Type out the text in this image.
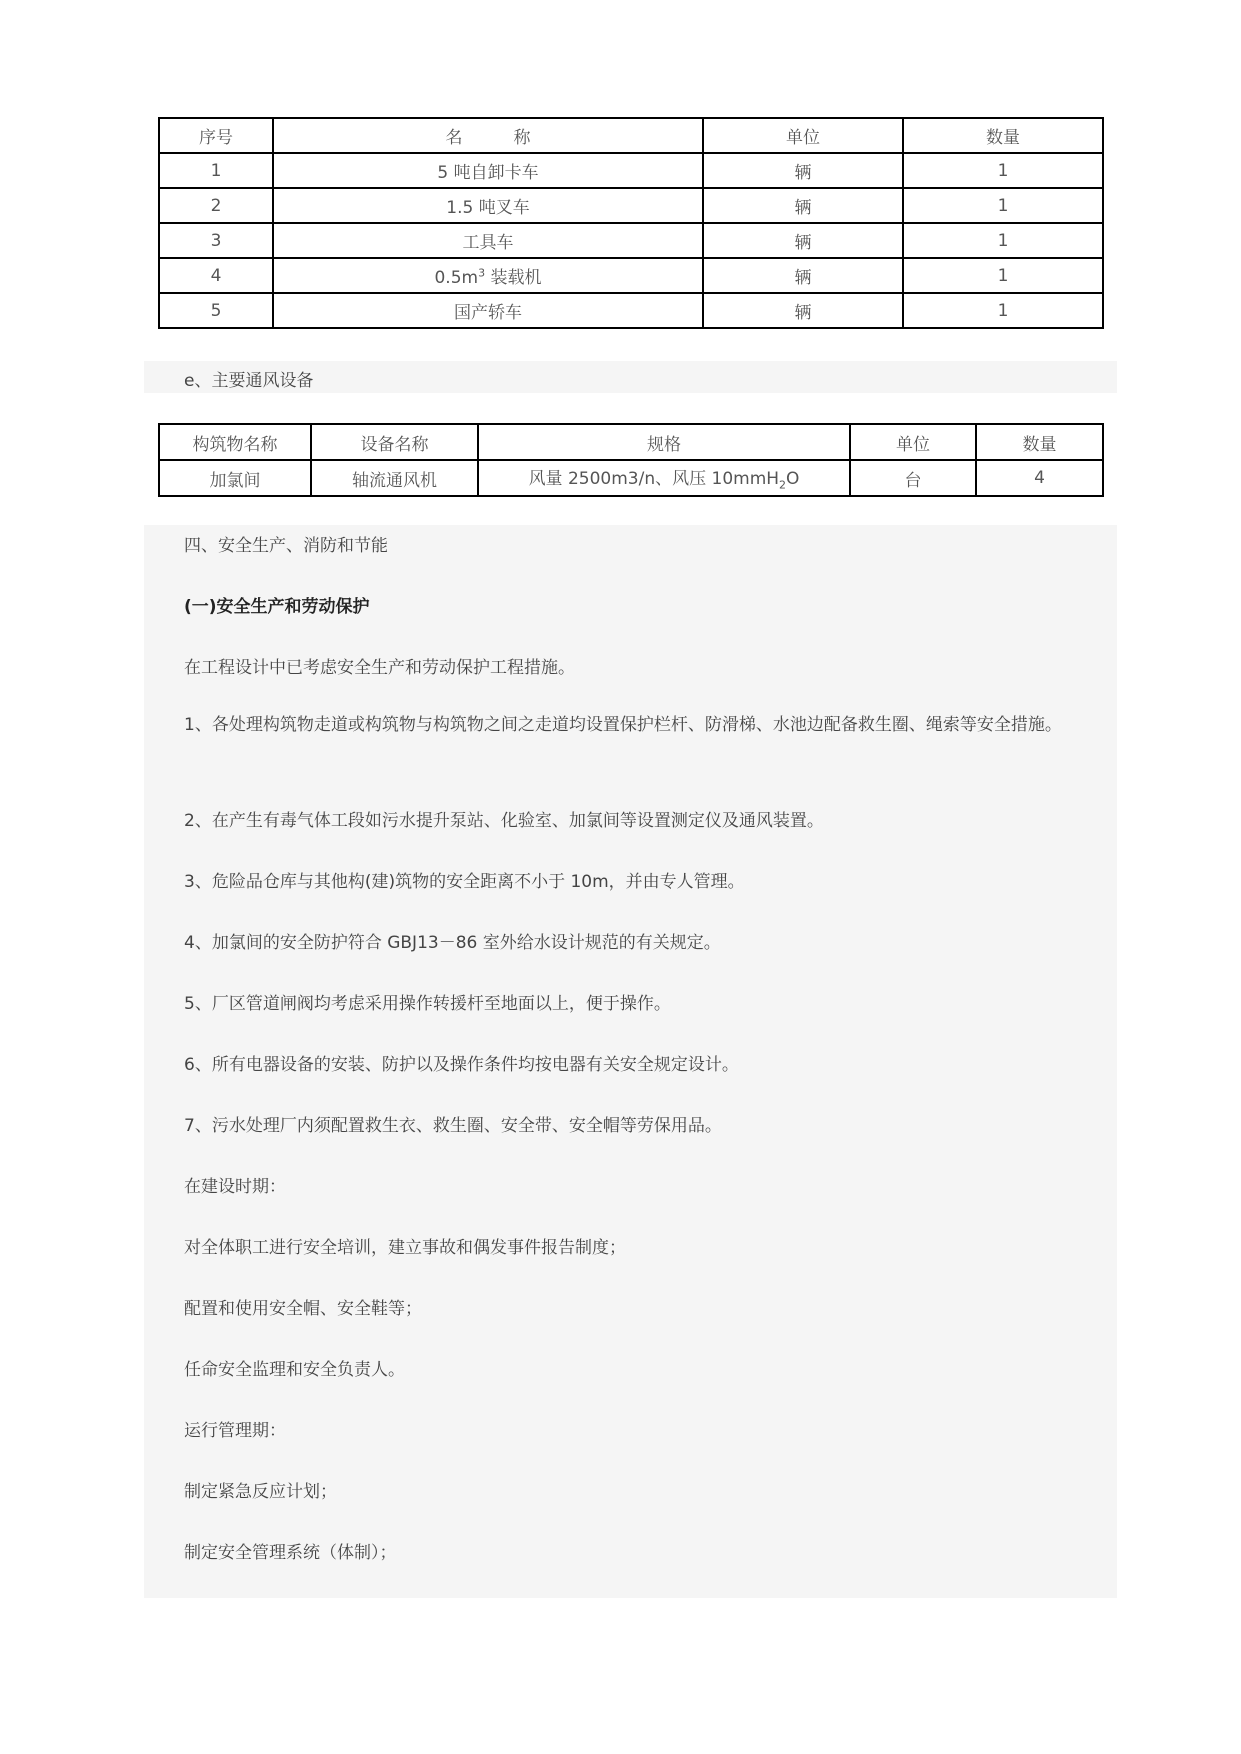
序号	名　　　称	单位	数量
1	5 吨自卸卡车	辆	1
2	1.5 吨叉车	辆	1
3	工具车	辆	1
4	$0.5m^3$ 装载机	辆	1
5	国产轿车	辆	1
e、主要通风设备
构筑物名称	设备名称	规格	单位	数量
加氯间	轴流通风机	风量 2500m3/n、风压 10mmH$_2$O	台	4
四、安全生产、消防和节能
(一)安全生产和劳动保护
在工程设计中已考虑安全生产和劳动保护工程措施。
1、各处理构筑物走道或构筑物与构筑物之间之走道均设置保护栏杆、防滑梯、水池边配备救生圈、绳索等安全措施。
2、在产生有毒气体工段如污水提升泵站、化验室、加氯间等设置测定仪及通风装置。
3、危险品仓库与其他构(建)筑物的安全距离不小于 10m，并由专人管理。
4、加氯间的安全防护符合 GBJ13－86 室外给水设计规范的有关规定。
5、厂区管道闸阀均考虑采用操作转援杆至地面以上，便于操作。
6、所有电器设备的安装、防护以及操作条件均按电器有关安全规定设计。
7、污水处理厂内须配置救生衣、救生圈、安全带、安全帽等劳保用品。
在建设时期：
对全体职工进行安全培训，建立事故和偶发事件报告制度；
配置和使用安全帽、安全鞋等；
任命安全监理和安全负责人。
运行管理期：
制定紧急反应计划；
制定安全管理系统（体制）；
